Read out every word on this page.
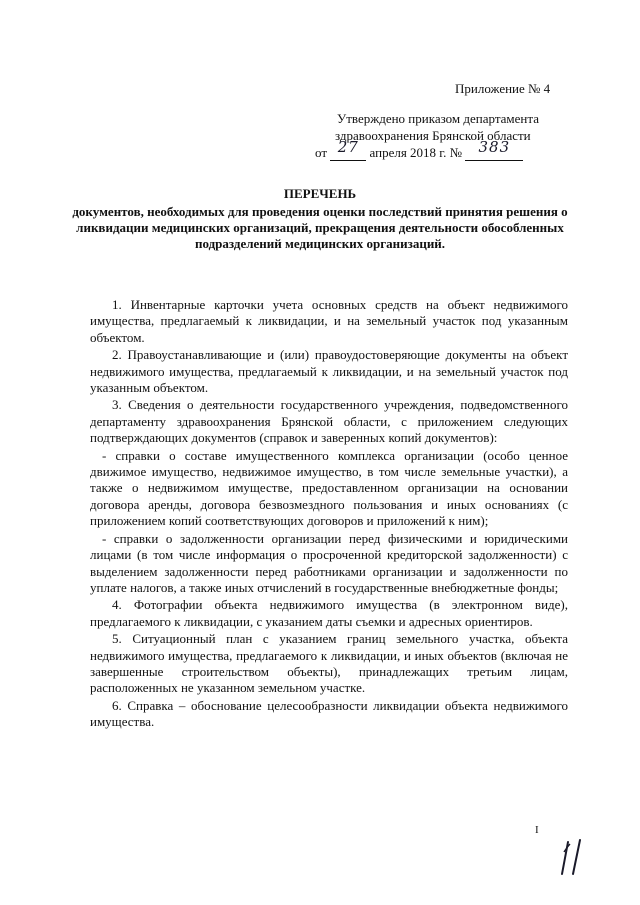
Приложение № 4
Утверждено приказом департамента
здравоохранения Брянской области
от 27 апреля 2018 г. №	383
ПЕРЕЧЕНЬ
документов, необходимых для проведения оценки последствий принятия решения о ликвидации медицинских организаций, прекращения деятельности обособленных подразделений медицинских организаций.

1. Инвентарные карточки учета основных средств на объект недвижимого имущества, предлагаемый к ликвидации, и на земельный участок под указанным объектом.

2. Правоустанавливающие и (или) правоудостоверяющие документы на объект недвижимого имущества, предлагаемый к ликвидации, и на земельный участок под указанным объектом.

3. Сведения о деятельности государственного учреждения, подведомственного департаменту здравоохранения Брянской области, с приложением следующих подтверждающих документов (справок и заверенных копий документов):

- справки о составе имущественного комплекса организации (особо ценное движимое имущество, недвижимое имущество, в том числе земельные участки), а также о недвижимом имуществе, предоставленном организации на основании договора аренды, договора безвозмездного пользования и иных основаниях (с приложением копий соответствующих договоров и приложений к ним);

- справки о задолженности организации перед физическими и юридическими лицами (в том числе информация о просроченной кредиторской задолженности) с выделением задолженности перед работниками организации и задолженности по уплате налогов, а также иных отчислений в государственные внебюджетные фонды;

4. Фотографии объекта недвижимого имущества (в электронном виде), предлагаемого к ликвидации, с указанием даты съемки и адресных ориентиров.

5. Ситуационный план с указанием границ земельного участка, объекта недвижимого имущества, предлагаемого к ликвидации, и иных объектов (включая не завершенные строительством объекты), принадлежащих третьим лицам, расположенных не указанном земельном участке.

6. Справка – обоснование целесообразности ликвидации объекта недвижимого имущества.

I
